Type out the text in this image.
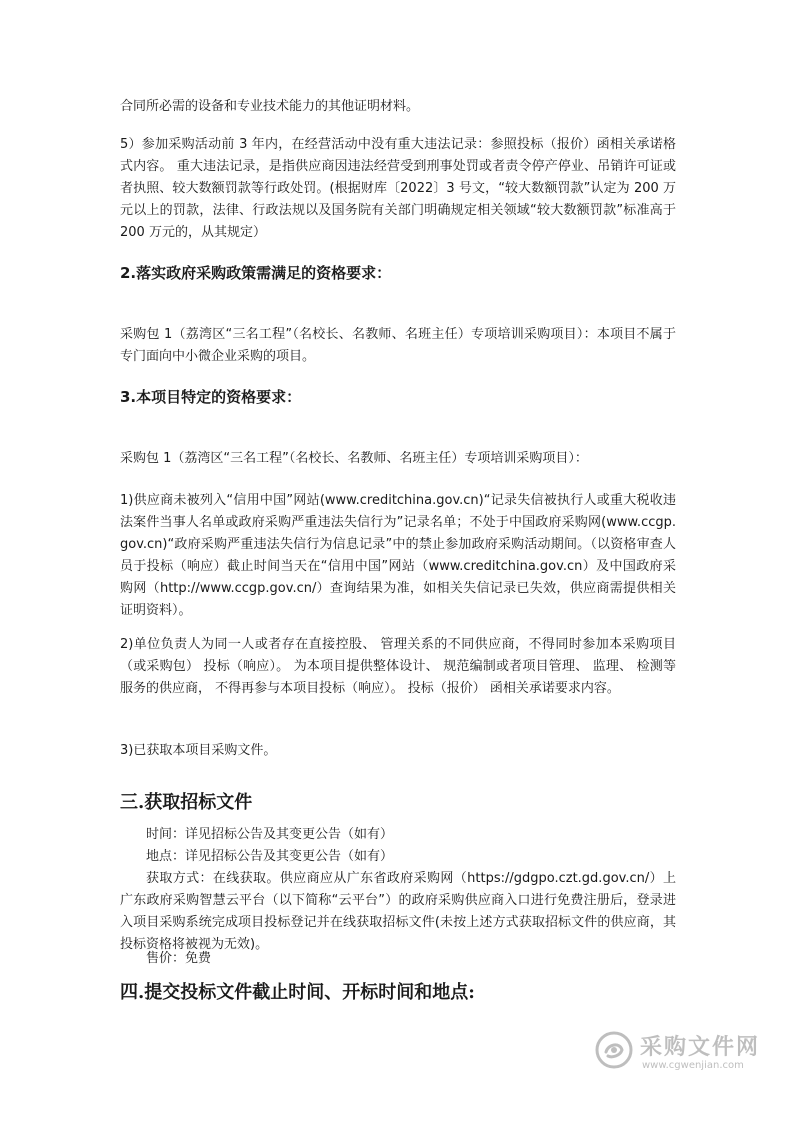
合同所必需的设备和专业技术能力的其他证明材料。

5）参加采购活动前 3 年内，在经营活动中没有重大违法记录：参照投标（报价）函相关承诺格式内容。 重大违法记录，是指供应商因违法经营受到刑事处罚或者责令停产停业、吊销许可证或者执照、较大数额罚款等行政处罚。(根据财库〔2022〕3 号文，“较大数额罚款”认定为 200 万元以上的罚款，法律、行政法规以及国务院有关部门明确规定相关领域“较大数额罚款”标准高于 200 万元的，从其规定）

2.落实政府采购政策需满足的资格要求：

采购包 1（荔湾区“三名工程”（名校长、名教师、名班主任）专项培训采购项目）：本项目不属于专门面向中小微企业采购的项目。

3.本项目特定的资格要求：

采购包 1（荔湾区“三名工程”（名校长、名教师、名班主任）专项培训采购项目）：

1)供应商未被列入“信用中国”网站(www.creditchina.gov.cn)“记录失信被执行人或重大税收违法案件当事人名单或政府采购严重违法失信行为”记录名单；不处于中国政府采购网(www.ccgp.gov.cn)“政府采购严重违法失信行为信息记录”中的禁止参加政府采购活动期间。（以资格审查人员于投标（响应）截止时间当天在“信用中国”网站（www.creditchina.gov.cn）及中国政府采购网（http://www.ccgp.gov.cn/）查询结果为准，如相关失信记录已失效，供应商需提供相关证明资料）。

2)单位负责人为同一人或者存在直接控股、 管理关系的不同供应商，不得同时参加本采购项目（或采购包） 投标（响应）。 为本项目提供整体设计、 规范编制或者项目管理、 监理、 检测等服务的供应商， 不得再参与本项目投标（响应）。 投标（报价） 函相关承诺要求内容。

3)已获取本项目采购文件。

三.获取招标文件

时间：详见招标公告及其变更公告（如有）

地点：详见招标公告及其变更公告（如有）

获取方式：在线获取。供应商应从广东省政府采购网（https://gdgpo.czt.gd.gov.cn/）上广东政府采购智慧云平台（以下简称“云平台”）的政府采购供应商入口进行免费注册后，登录进入项目采购系统完成项目投标登记并在线获取招标文件(未按上述方式获取招标文件的供应商，其投标资格将被视为无效)。

售价：免费

四.提交投标文件截止时间、开标时间和地点:

采购文件网
www.cgwenjian.com
